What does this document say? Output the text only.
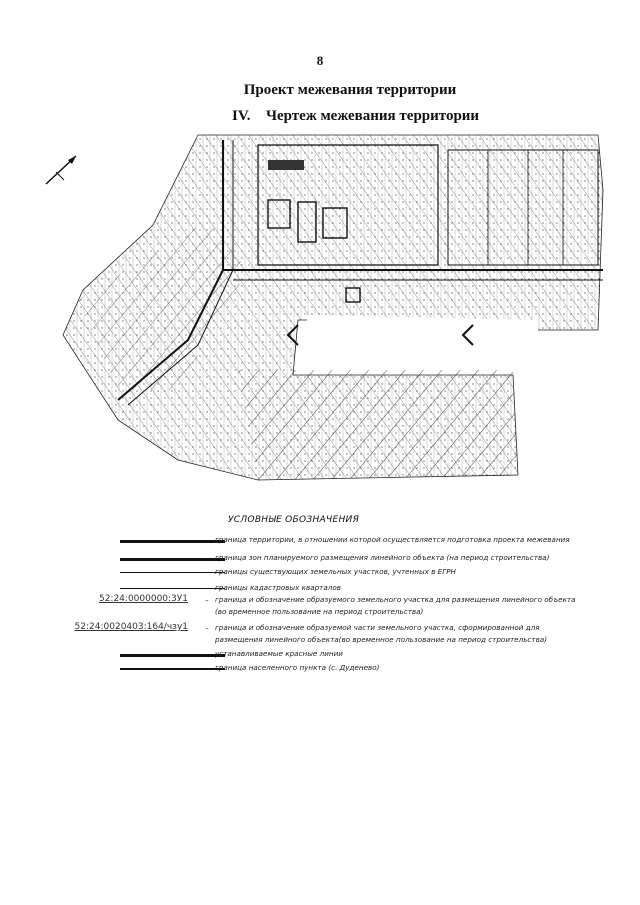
8
Проект межевания территории
IV. Чертеж межевания территории
УСЛОВНЫЕ ОБОЗНАЧЕНИЯ
– граница территории, в отношении которой осуществляется подготовка проекта межевания
– граница зон планируемого размещения линейного объекта (на период строительства)
– границы существующих земельных участков, учтенных в ЕГРН
– границы кадастровых кварталов
52:24:0000000:3У1 – граница и обозначение образуемого земельного участка для размещения линейного объекта
(во временное пользование на период строительства)
52:24:0020403:164/чзу1 – граница и обозначение образуемой части земельного участка, сформированной для
размещения линейного объекта(во временное пользование на период строительства)
– устанавливаемые красные линии
– граница населенного пункта (с. Дуденево)
